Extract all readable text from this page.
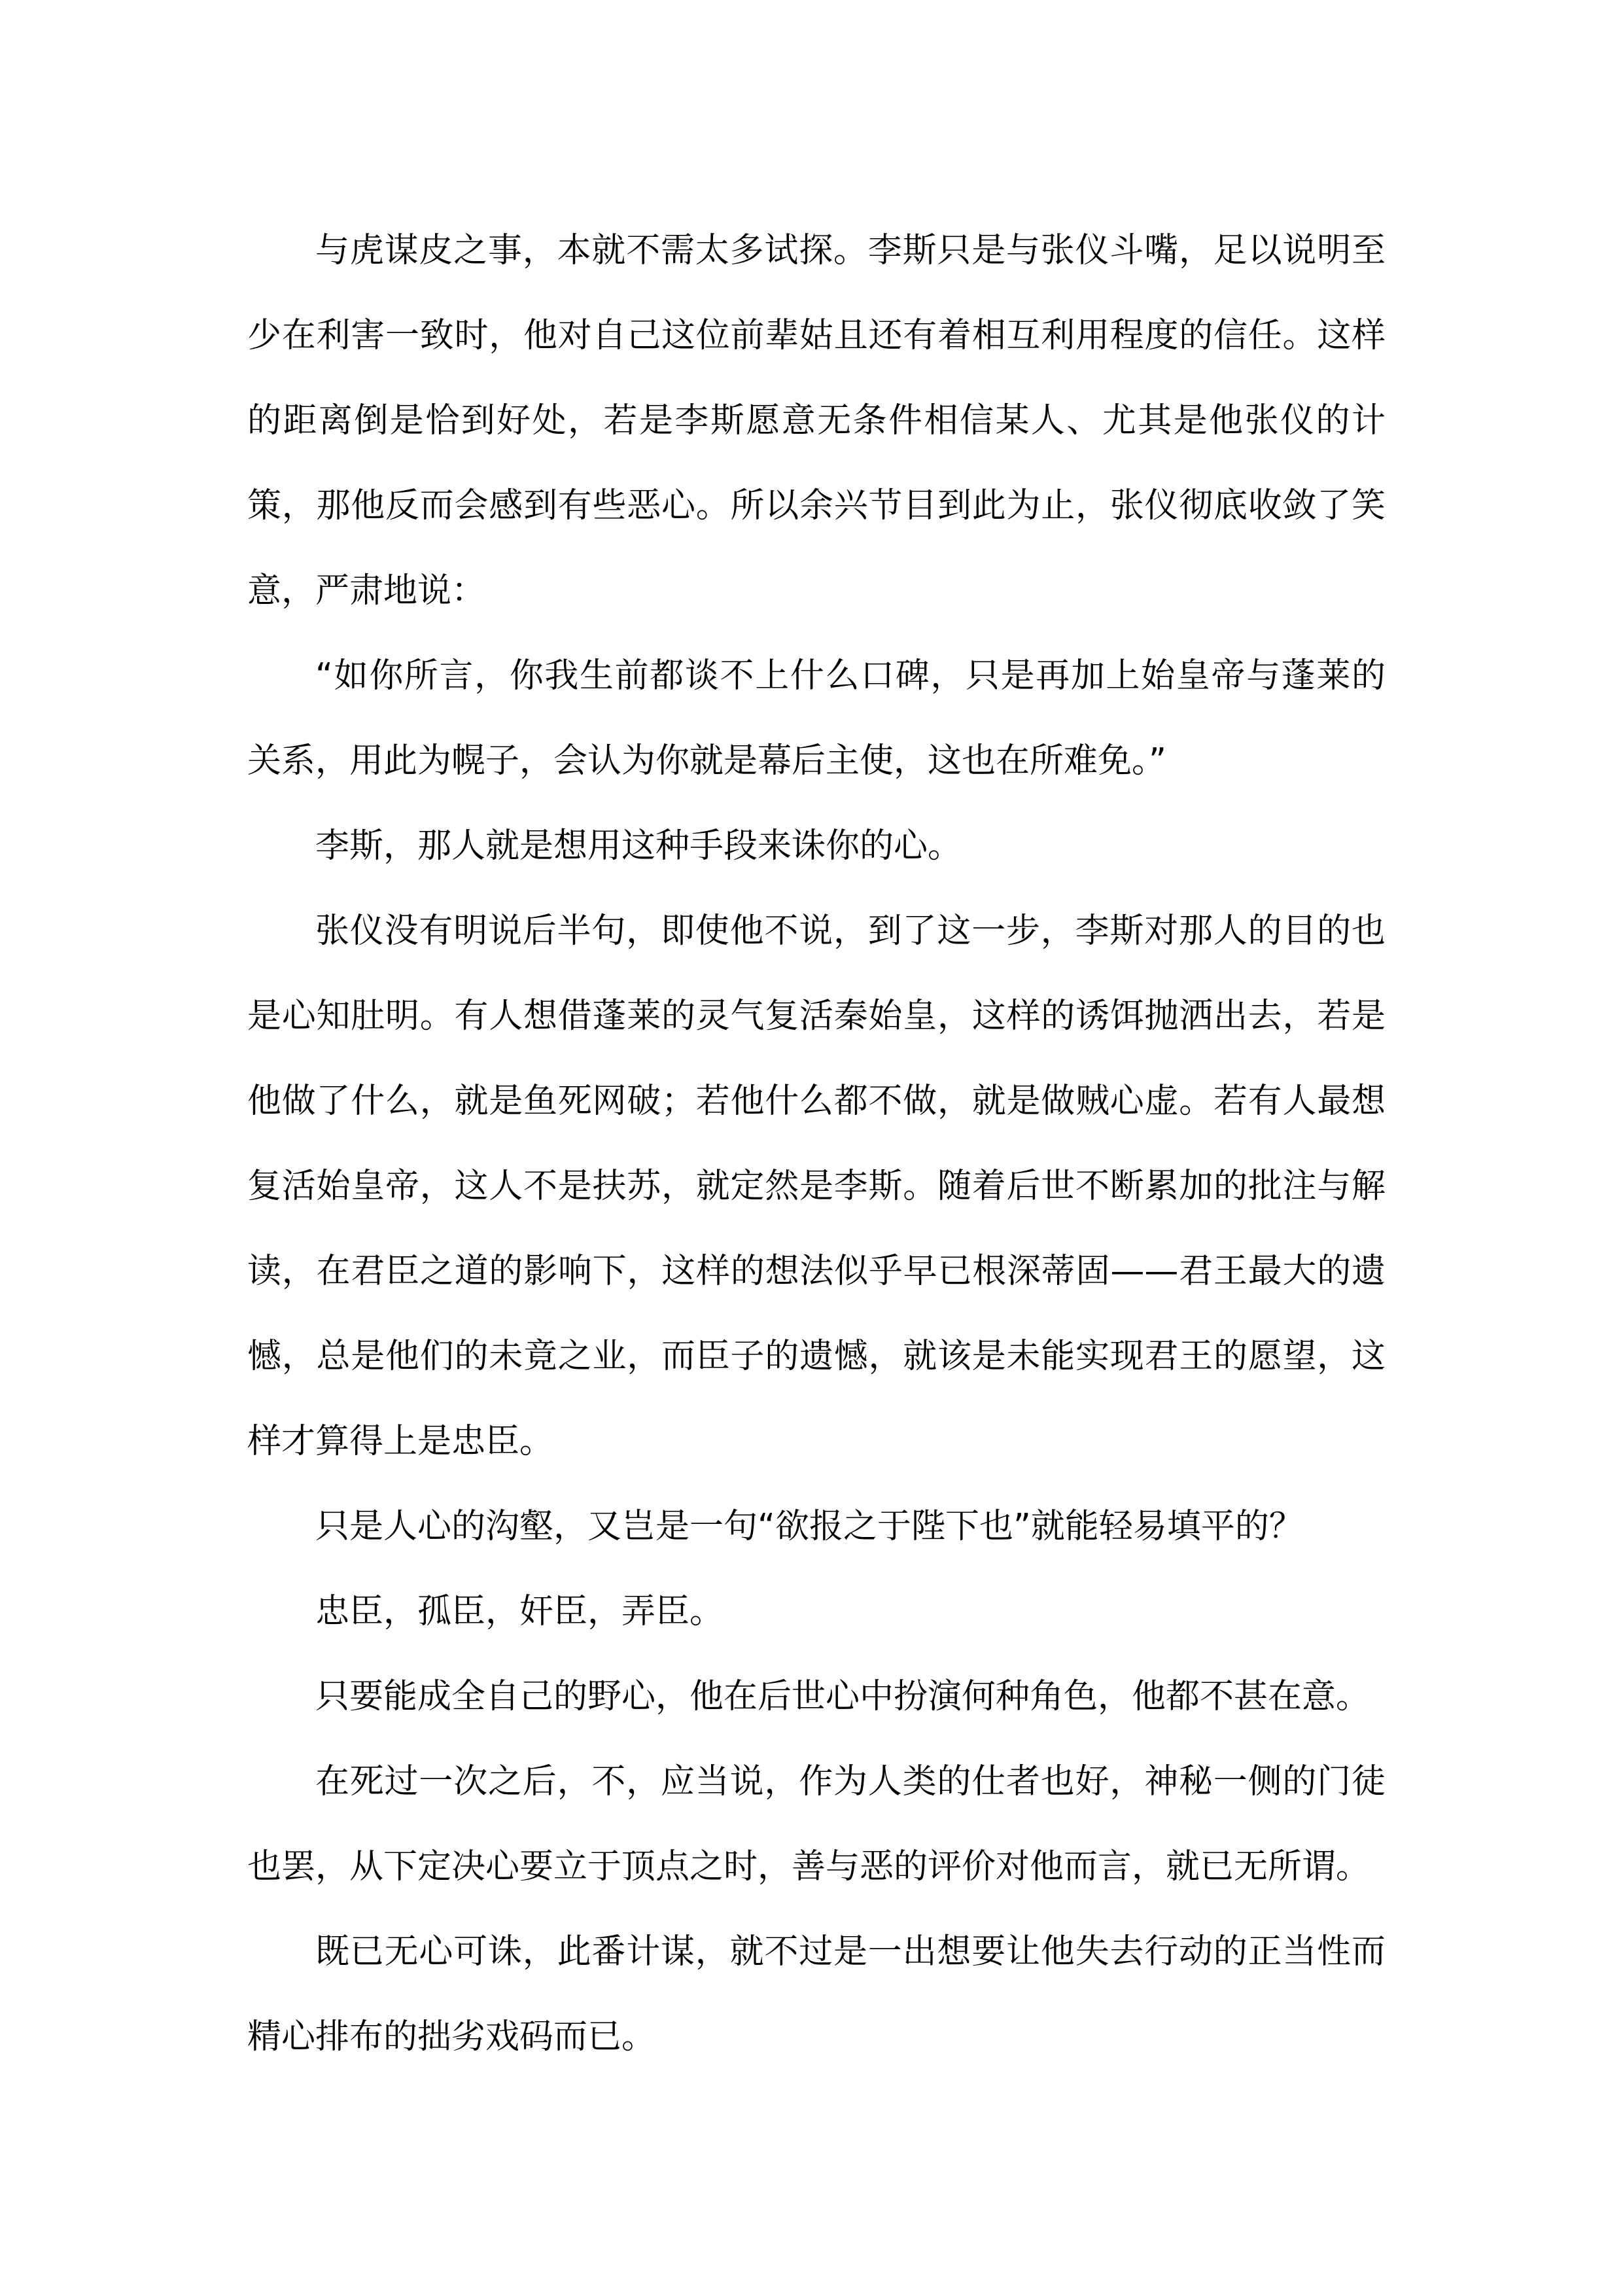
与虎谋皮之事，本就不需太多试探。李斯只是与张仪斗嘴，足以说明至少在利害一致时，他对自己这位前辈姑且还有着相互利用程度的信任。这样的距离倒是恰到好处，若是李斯愿意无条件相信某人、尤其是他张仪的计策，那他反而会感到有些恶心。所以余兴节目到此为止，张仪彻底收敛了笑意，严肃地说：

“如你所言，你我生前都谈不上什么口碑，只是再加上始皇帝与蓬莱的关系，用此为幌子，会认为你就是幕后主使，这也在所难免。”

李斯，那人就是想用这种手段来诛你的心。

张仪没有明说后半句，即使他不说，到了这一步，李斯对那人的目的也是心知肚明。有人想借蓬莱的灵气复活秦始皇，这样的诱饵抛洒出去，若是他做了什么，就是鱼死网破；若他什么都不做，就是做贼心虚。若有人最想复活始皇帝，这人不是扶苏，就定然是李斯。随着后世不断累加的批注与解读，在君臣之道的影响下，这样的想法似乎早已根深蒂固——君王最大的遗憾，总是他们的未竟之业，而臣子的遗憾，就该是未能实现君王的愿望，这样才算得上是忠臣。

只是人心的沟壑，又岂是一句“欲报之于陛下也”就能轻易填平的？

忠臣，孤臣，奸臣，弄臣。

只要能成全自己的野心，他在后世心中扮演何种角色，他都不甚在意。

在死过一次之后，不，应当说，作为人类的仕者也好，神秘一侧的门徒也罢，从下定决心要立于顶点之时，善与恶的评价对他而言，就已无所谓。

既已无心可诛，此番计谋，就不过是一出想要让他失去行动的正当性而精心排布的拙劣戏码而已。
